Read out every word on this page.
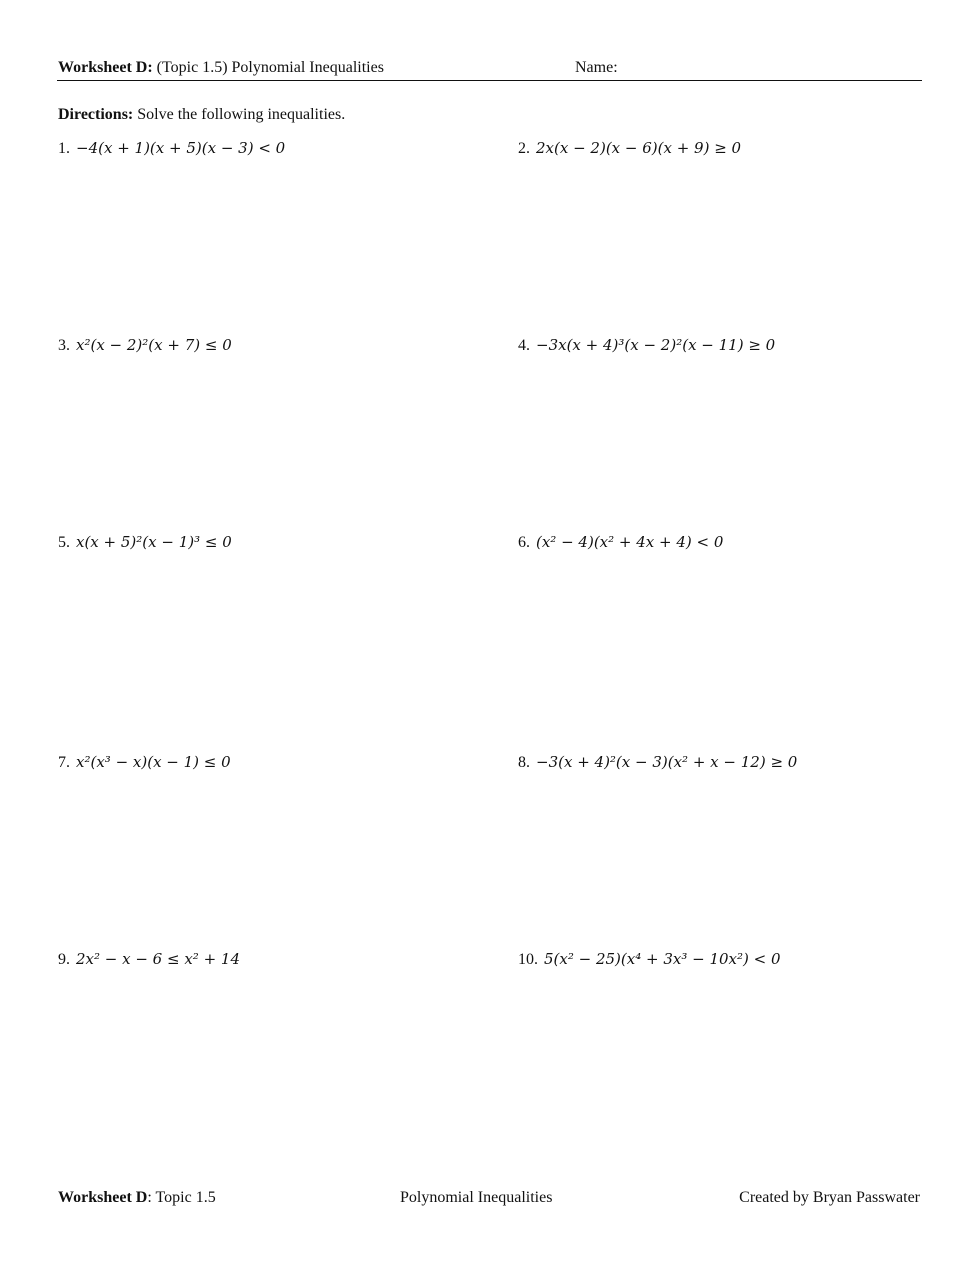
Worksheet D: (Topic 1.5) Polynomial Inequalities	Name:
Directions: Solve the following inequalities.
1. −4(x + 1)(x + 5)(x − 3) < 0	2. 2x(x − 2)(x − 6)(x + 9) ≥ 0
3. x²(x − 2)²(x + 7) ≤ 0	4. −3x(x + 4)³(x − 2)²(x − 11) ≥ 0
5. x(x + 5)²(x − 1)³ ≤ 0	6. (x² − 4)(x² + 4x + 4) < 0
7. x²(x³ − x)(x − 1) ≤ 0	8. −3(x + 4)²(x − 3)(x² + x − 12) ≥ 0
9. 2x² − x − 6 ≤ x² + 14	10. 5(x² − 25)(x⁴ + 3x³ − 10x²) < 0
Worksheet D: Topic 1.5	Polynomial Inequalities	Created by Bryan Passwater
